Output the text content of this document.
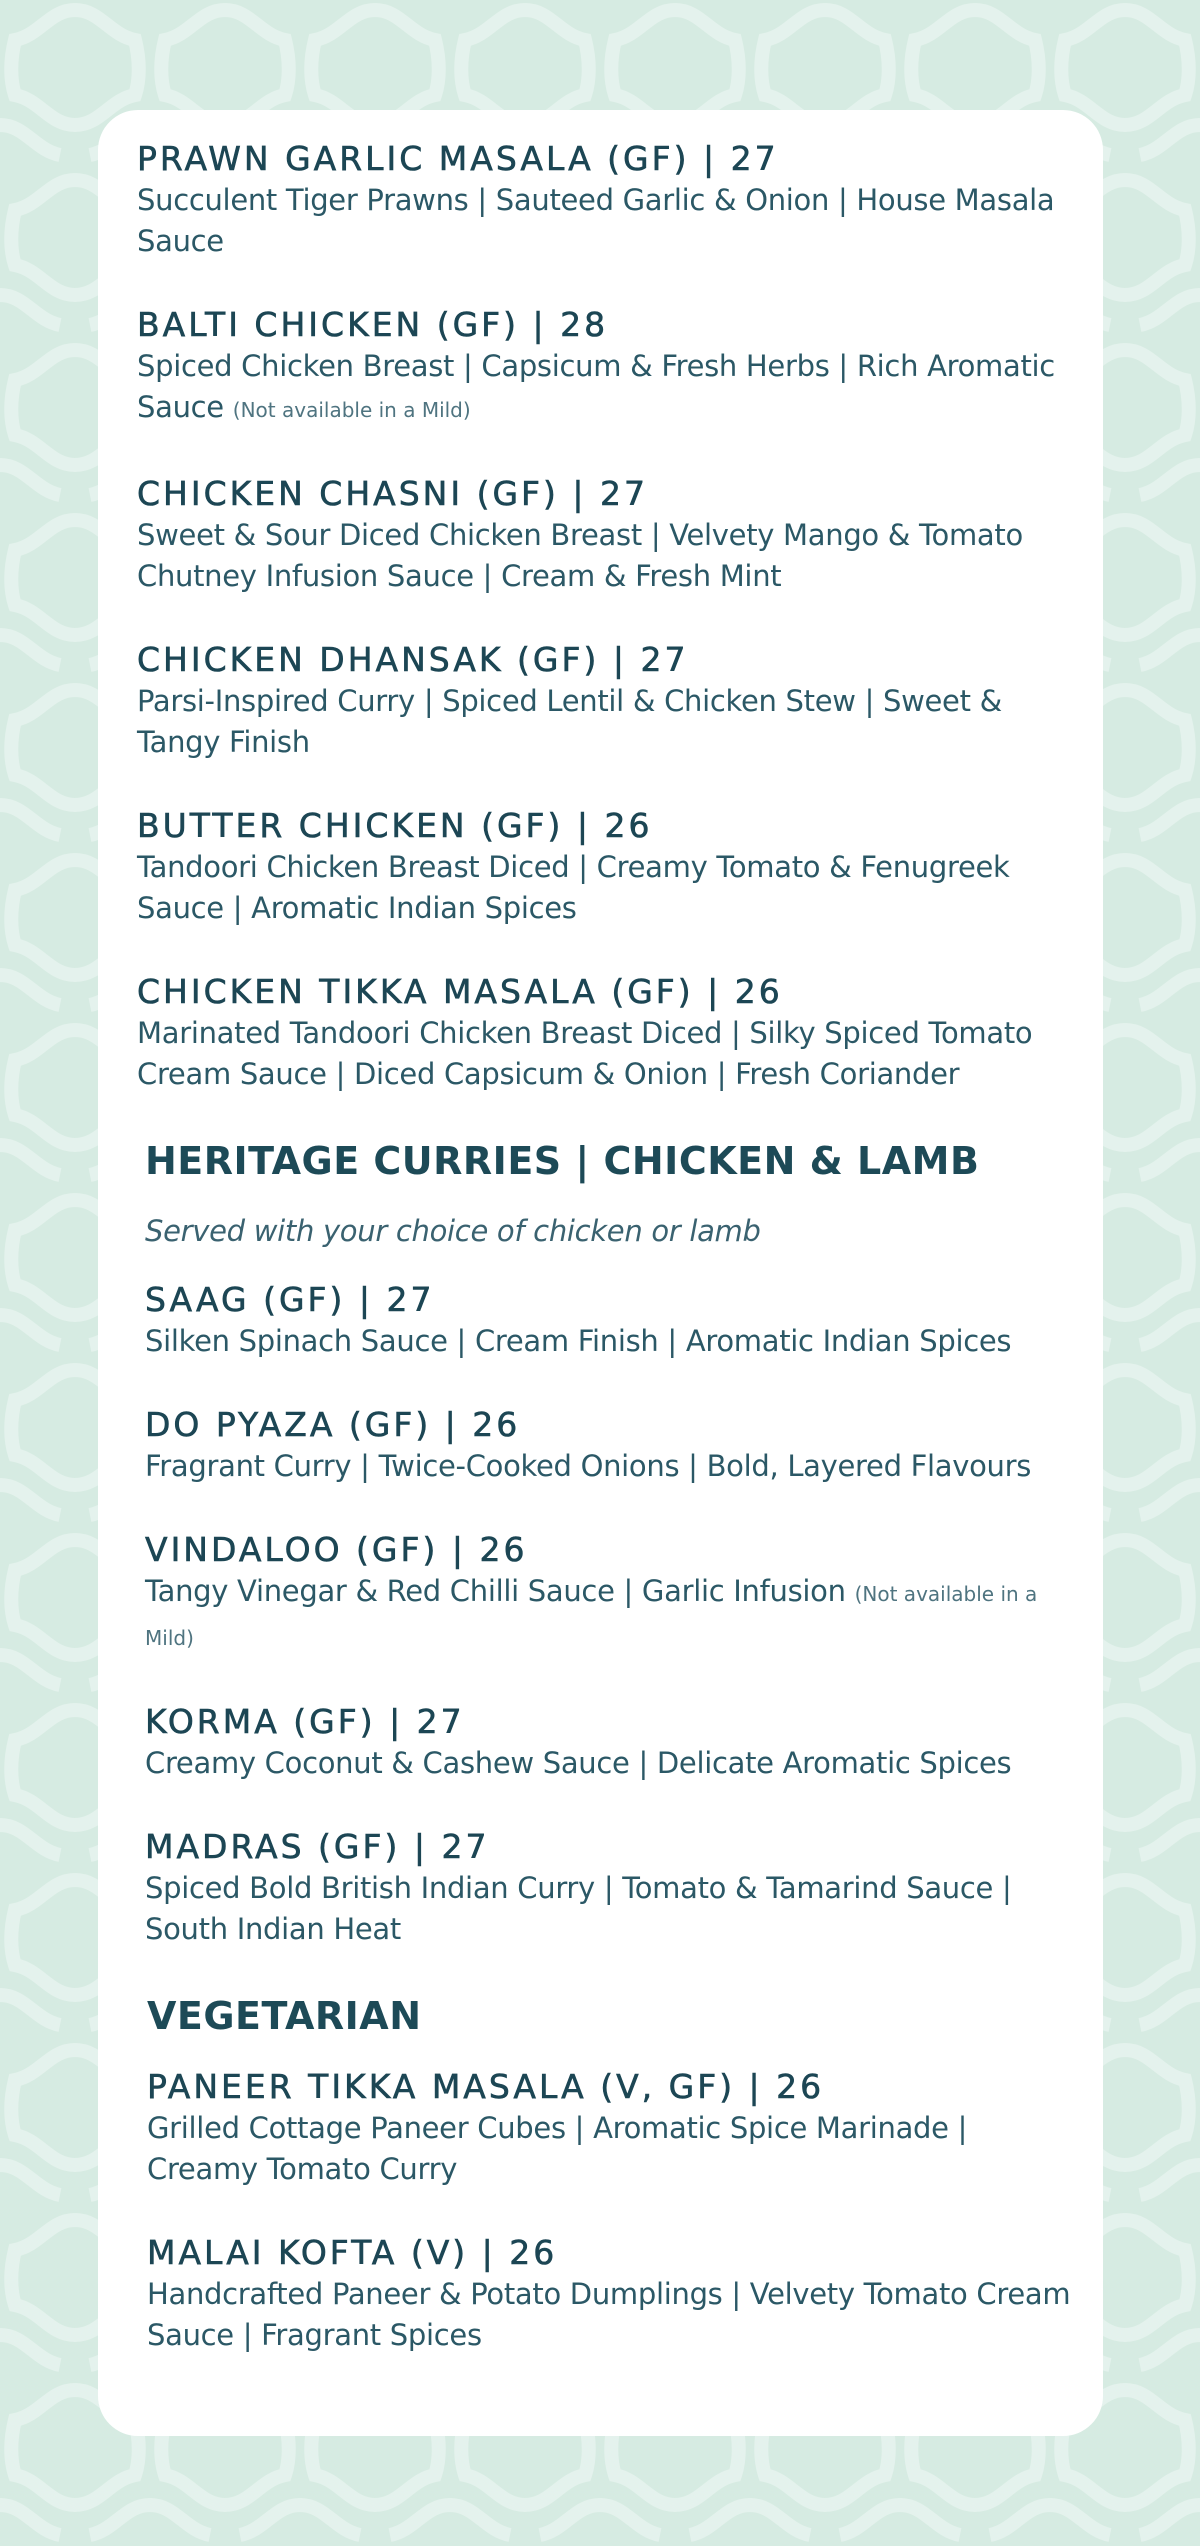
PRAWN GARLIC MASALA (GF) | 27
Succulent Tiger Prawns | Sauteed Garlic & Onion | House Masala Sauce
BALTI CHICKEN (GF) | 28
Spiced Chicken Breast | Capsicum & Fresh Herbs | Rich Aromatic Sauce (Not available in a Mild)
CHICKEN CHASNI (GF) | 27
Sweet & Sour Diced Chicken Breast | Velvety Mango & Tomato Chutney Infusion Sauce | Cream & Fresh Mint
CHICKEN DHANSAK (GF) | 27
Parsi-Inspired Curry | Spiced Lentil & Chicken Stew | Sweet & Tangy Finish
BUTTER CHICKEN (GF) | 26
Tandoori Chicken Breast Diced | Creamy Tomato & Fenugreek Sauce | Aromatic Indian Spices
CHICKEN TIKKA MASALA (GF) | 26
Marinated Tandoori Chicken Breast Diced | Silky Spiced Tomato Cream Sauce | Diced Capsicum & Onion | Fresh Coriander
HERITAGE CURRIES | CHICKEN & LAMB
Served with your choice of chicken or lamb
SAAG (GF) | 27
Silken Spinach Sauce | Cream Finish | Aromatic Indian Spices
DO PYAZA (GF) | 26
Fragrant Curry | Twice-Cooked Onions | Bold, Layered Flavours
VINDALOO (GF) | 26
Tangy Vinegar & Red Chilli Sauce | Garlic Infusion (Not available in a Mild)
KORMA (GF) | 27
Creamy Coconut & Cashew Sauce | Delicate Aromatic Spices
MADRAS (GF) | 27
Spiced Bold British Indian Curry | Tomato & Tamarind Sauce | South Indian Heat
VEGETARIAN
PANEER TIKKA MASALA (V, GF) | 26
Grilled Cottage Paneer Cubes | Aromatic Spice Marinade | Creamy Tomato Curry
MALAI KOFTA (V) | 26
Handcrafted Paneer & Potato Dumplings | Velvety Tomato Cream Sauce | Fragrant Spices
